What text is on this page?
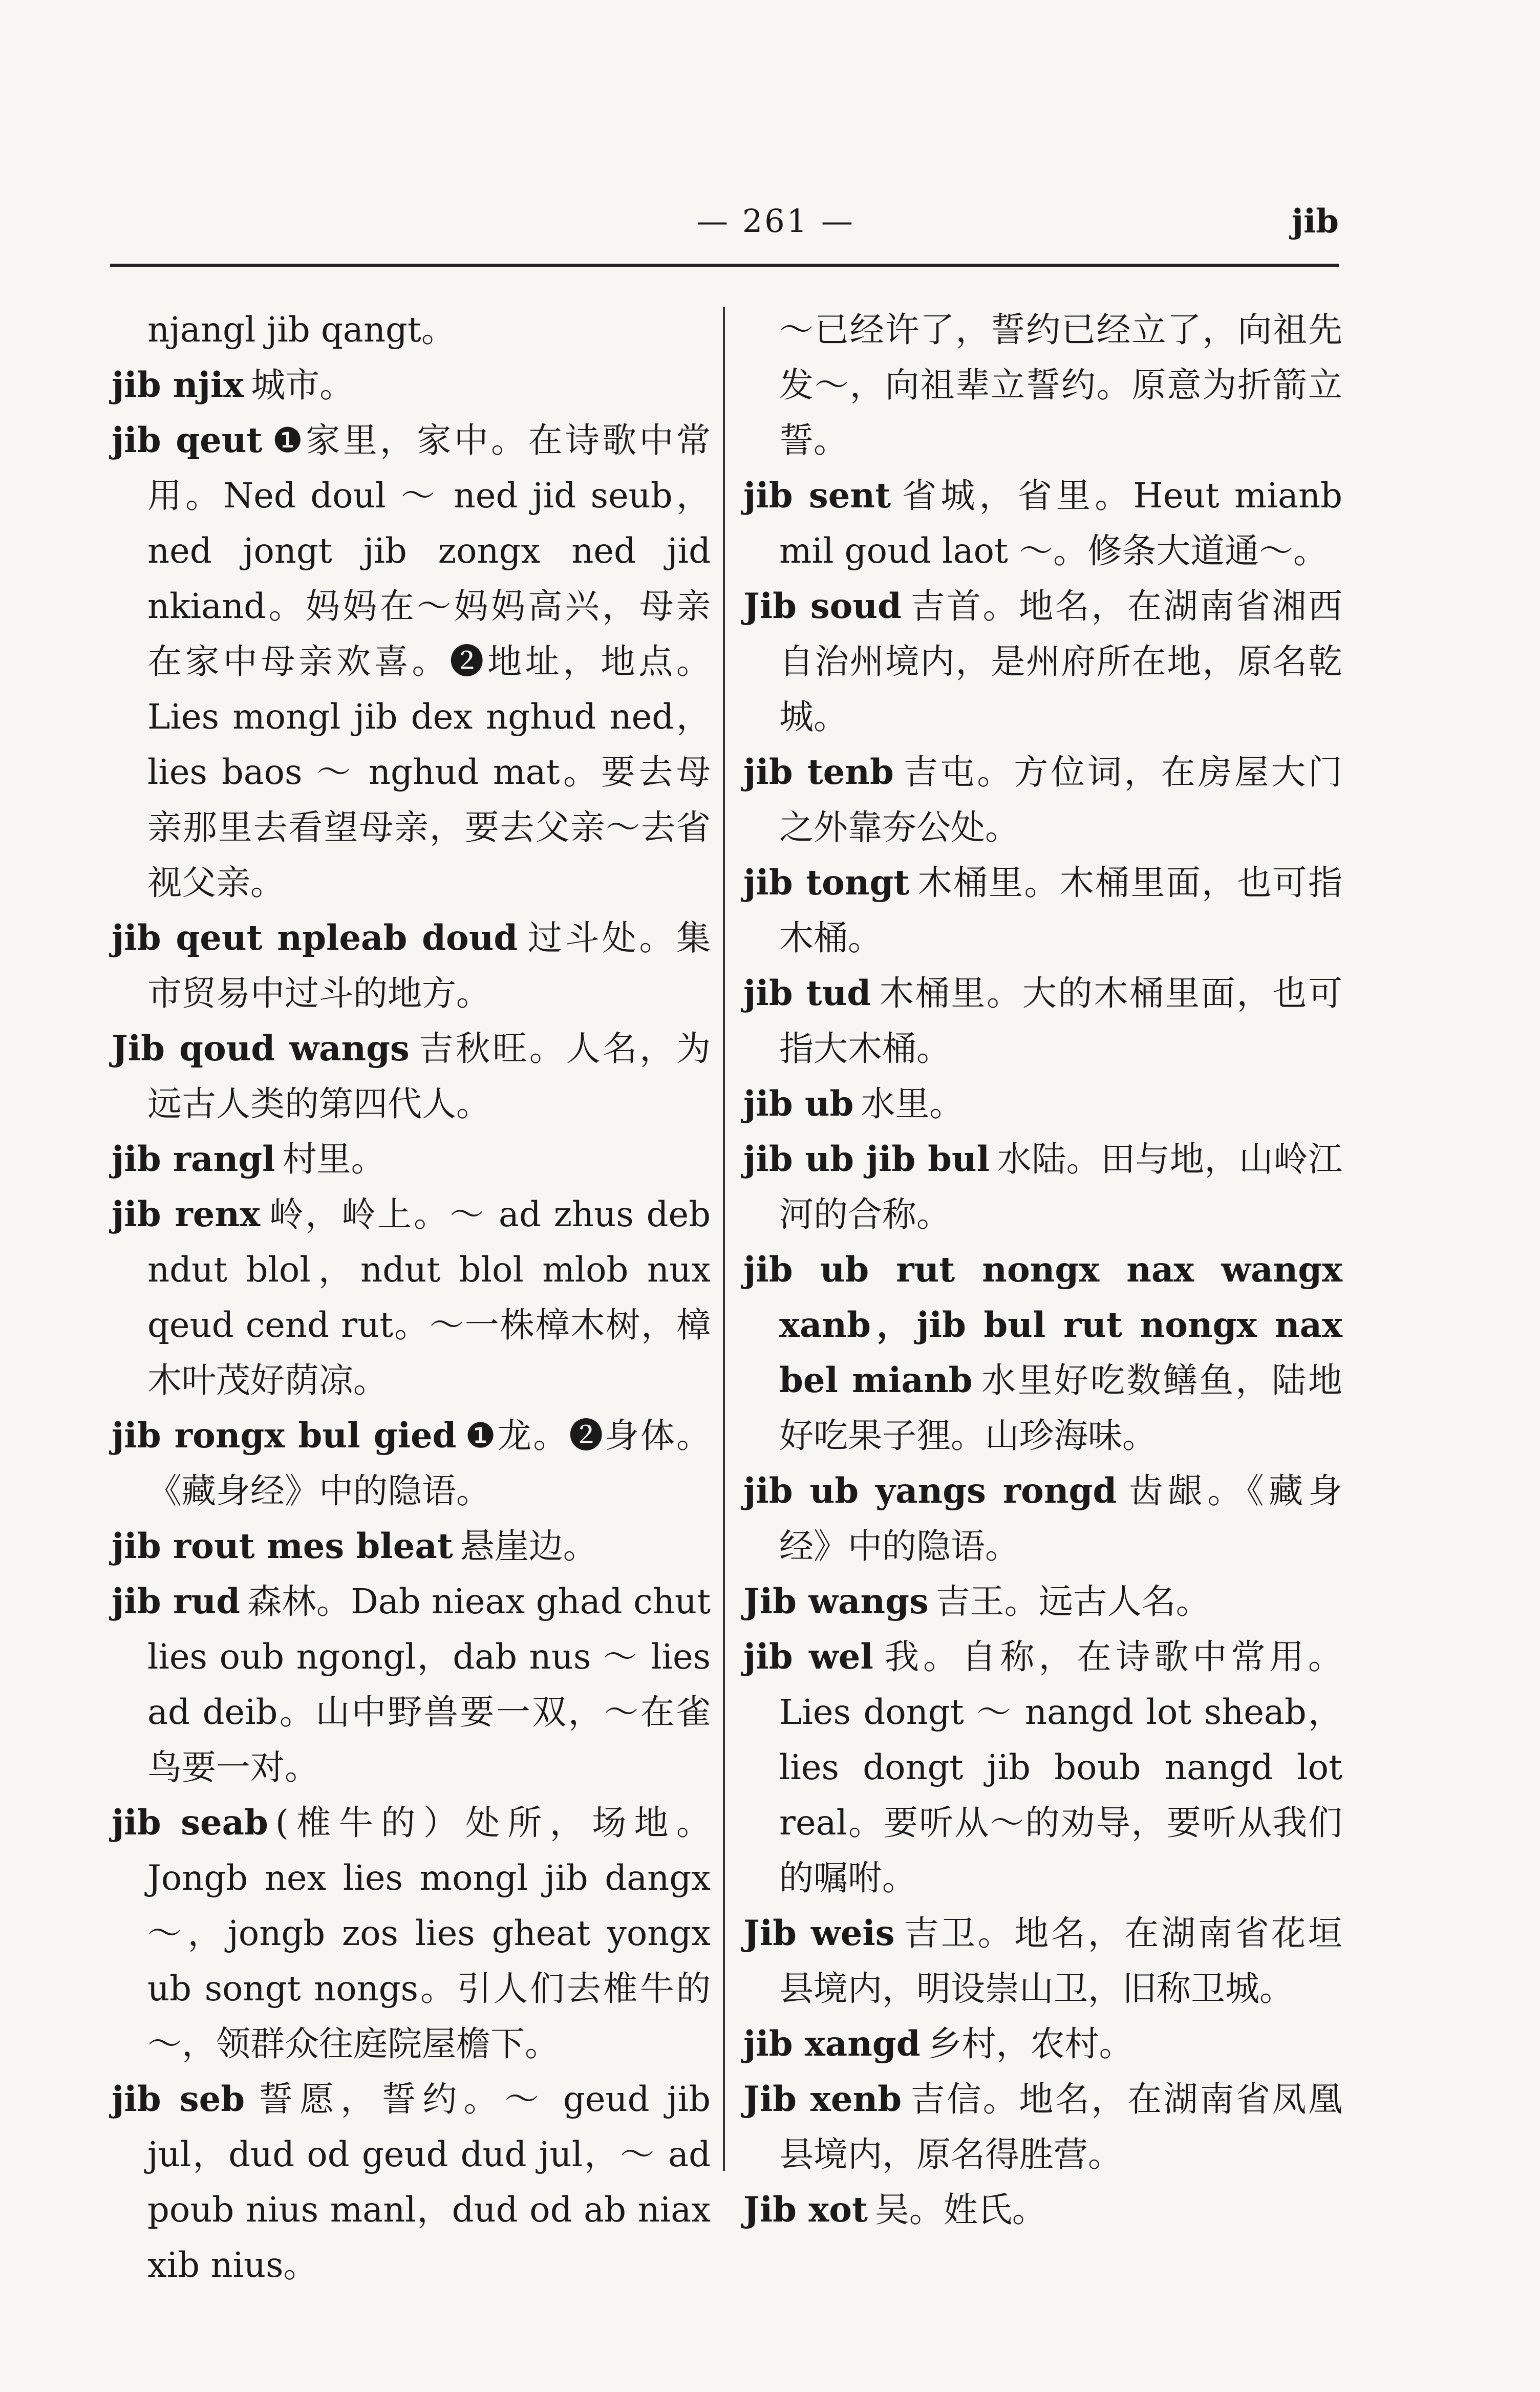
— 261 —	jib

njangl jib qangt。

jib njix 城市。

jib qeut ❶家里，家中。在诗歌中常用。Ned doul ～ ned jid seub，ned jongt jib zongx ned jid nkiand。妈妈在～妈妈高兴，母亲在家中母亲欢喜。❷地址，地点。Lies mongl jib dex nghud ned，lies baos ～ nghud mat。要去母亲那里去看望母亲，要去父亲～去省视父亲。

jib qeut npleab doud 过斗处。集市贸易中过斗的地方。

Jib qoud wangs 吉秋旺。人名，为远古人类的第四代人。

jib rangl 村里。

jib renx 岭，岭上。～ ad zhus deb ndut blol，ndut blol mlob nux qeud cend rut。～一株樟木树，樟木叶茂好荫凉。

jib rongx bul gied ❶龙。❷身体。《藏身经》中的隐语。

jib rout mes bleat 悬崖边。

jib rud 森林。Dab nieax ghad chut lies oub ngongl，dab nus ～ lies ad deib。山中野兽要一双，～在雀鸟要一对。

jib seab (椎牛的）处所，场地。Jongb nex lies mongl jib dangx ～，jongb zos lies gheat yongx ub songt nongs。引人们去椎牛的～，领群众往庭院屋檐下。

jib seb 誓愿，誓约。～ geud jib jul，dud od geud dud jul，～ ad poub nius manl，dud od ab niax xib nius。

～已经许了，誓约已经立了，向祖先发～，向祖辈立誓约。原意为折箭立誓。

jib sent 省城，省里。Heut mianb mil goud laot ～。修条大道通～。

Jib soud 吉首。地名，在湖南省湘西自治州境内，是州府所在地，原名乾城。

jib tenb 吉屯。方位词，在房屋大门之外靠夯公处。

jib tongt 木桶里。木桶里面，也可指木桶。

jib tud 木桶里。大的木桶里面，也可指大木桶。

jib ub 水里。

jib ub jib bul 水陆。田与地，山岭江河的合称。

jib ub rut nongx nax wangx xanb，jib bul rut nongx nax bel mianb 水里好吃数鳝鱼，陆地好吃果子狸。山珍海味。

jib ub yangs rongd 齿龈。《藏身经》中的隐语。

Jib wangs 吉王。远古人名。

jib wel 我。自称，在诗歌中常用。Lies dongt ～ nangd lot sheab，lies dongt jib boub nangd lot real。要听从～的劝导，要听从我们的嘱咐。

Jib weis 吉卫。地名，在湖南省花垣县境内，明设崇山卫，旧称卫城。

jib xangd 乡村，农村。

Jib xenb 吉信。地名，在湖南省凤凰县境内，原名得胜营。

Jib xot 吴。姓氏。
